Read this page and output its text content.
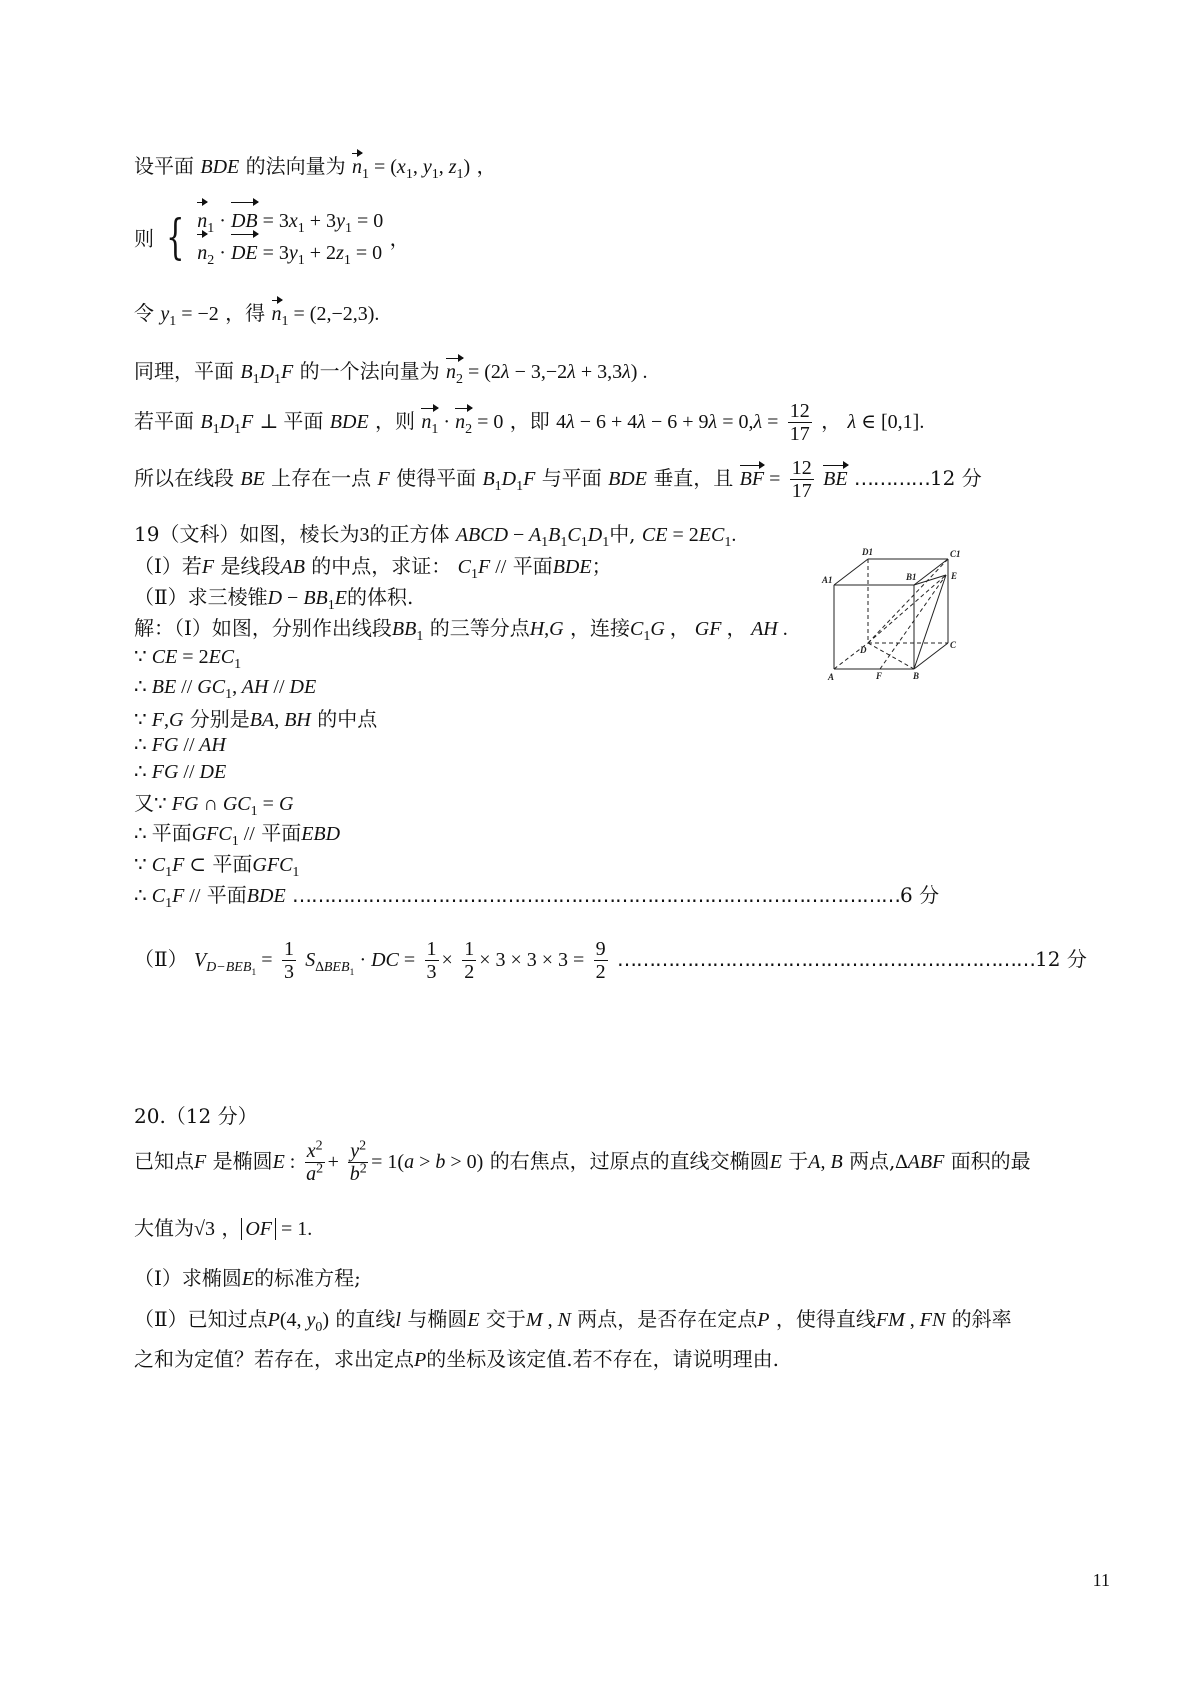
设平面 BDE 的法向量为 $n_1 = (x_1$, $y_1$, $z_1$) ，
则 { $n_1$ · DB = $3x_1 + 3y_1 = 0$
$n_2$ · DE = $3y_1 + 2z_1 = 0$
，
令 $y_1 = -2$ ，得 $n_1 = (2,-2,3)$.
同理，平面 $B_1D_1F$ 的一个法向量为 $n_2 = (2\lambda - 3,-2\lambda + 3,3\lambda)$ .
若平面 $B_1D_1F$ ⊥ 平面 BDE ，则 $n_1 \cdot n_2 = 0$ ，即 $4\lambda - 6 + 4\lambda - 6 + 9\lambda = 0,\lambda = \frac{12}{17}$ ， λ ∈ [0,1].
所以在线段 BE 上存在一点 F 使得平面 $B_1D_1F$ 与平面 BDE 垂直，且 BF = $\frac{12}{17}$ BE …………12 分
19（文科）如图，棱长为3的正方体 ABCD − $A_1B_1C_1D_1$中, CE = $2EC_1$.
（Ⅰ）若F 是线段AB 的中点，求证： $C_1F$ // 平面BDE；
（Ⅱ）求三棱锥$D - BB_1E$的体积.
解：（Ⅰ）如图，分别作出线段$BB_1$ 的三等分点H,G ，连接$C_1G$ ， GF ， AH .
∵ CE = $2EC_1$
∴ BE // $GC_1$, AH // DE
∵ F,G 分别是BA, BH 的中点
∴ FG // AH
∴ FG // DE
又∵ FG ∩ $GC_1 = G$
∴ 平面$GFC_1$ // 平面EBD
∵ $C_1F$ ⊂ 平面$GFC_1$
∴ $C_1F$ // 平面BDE ……………………………………………………………………………………6 分
（Ⅱ） $V_{D-BEB_1} = \frac{1}{3} S_{\Delta BEB_1}$ · DC = $\frac{1}{3} \times \frac{1}{2} \times 3 \times 3 \times 3 = \frac{9}{2}$ …………………………………………………………12 分
20.（12 分）
已知点F 是椭圆E : $\frac{x^2}{a^2} + \frac{y^2}{b^2} = 1(a > b > 0)$ 的右焦点，过原点的直线交椭圆E 于A, B 两点,∆ABF 面积的最
大值为√3 ， OF = 1.
（Ⅰ）求椭圆E的标准方程;
（Ⅱ）已知过点P(4, $y_0$) 的直线l 与椭圆E 交于M , N 两点，是否存在定点P ，使得直线FM , FN 的斜率
之和为定值？若存在，求出定点P的坐标及该定值.若不存在，请说明理由.
D1	C1
A1	B1	E
D	C
A	F	B
11
